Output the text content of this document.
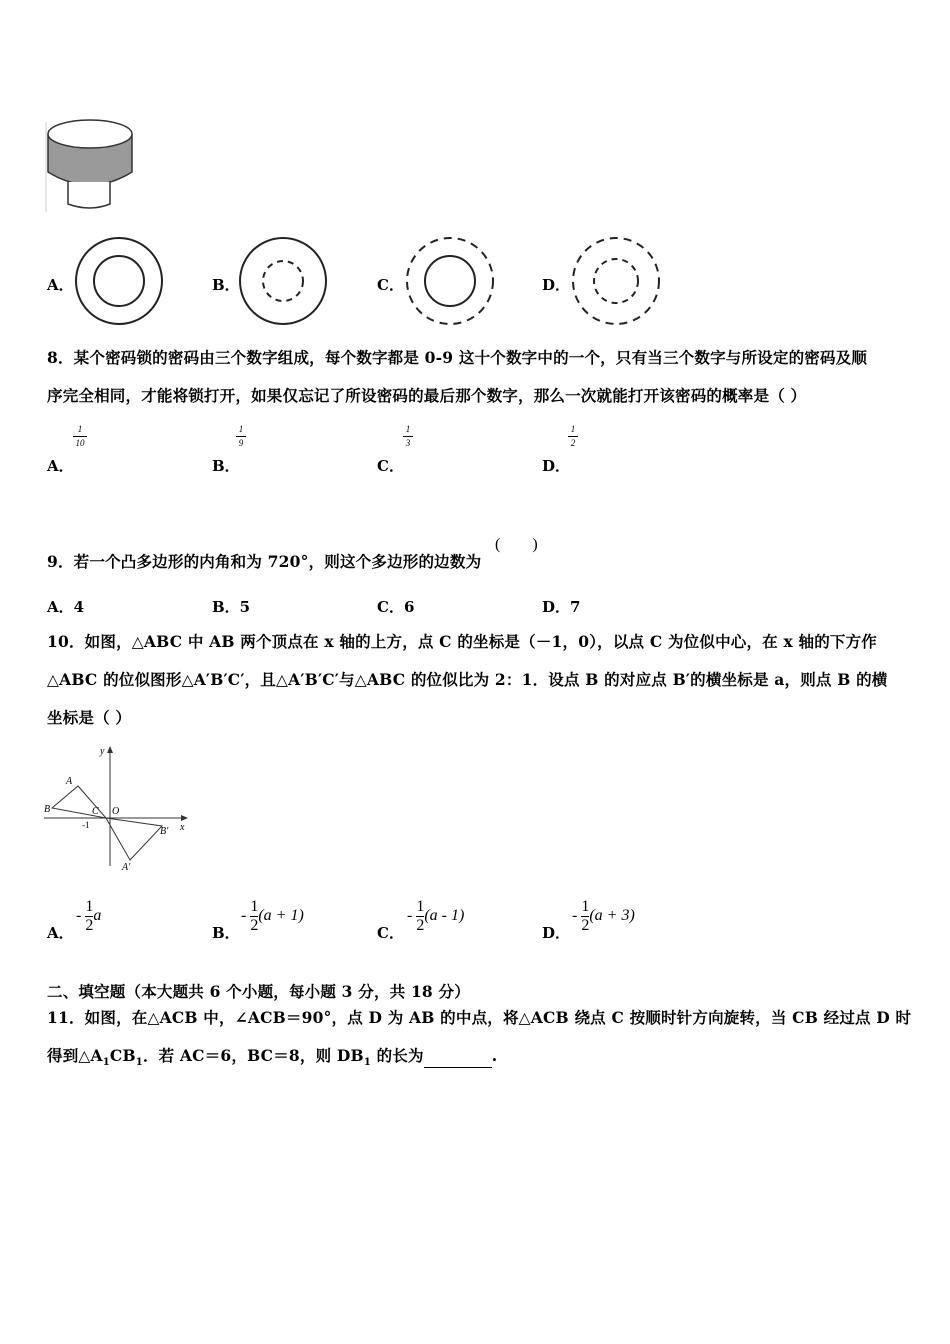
A．	B．	C．	D．
8．某个密码锁的密码由三个数字组成，每个数字都是 0-9 这十个数字中的一个，只有当三个数字与所设定的密码及顺
序完全相同，才能将锁打开，如果仅忘记了所设密码的最后那个数字，那么一次就能打开该密码的概率是（ ）
A．
1
10
B．
1
9
C．
1
3
D．
1
2
9．若一个凸多边形的内角和为 720°，则这个多边形的边数为
(        )
A．4	B．5	C．6	D．7
10．如图，△ABC 中 AB 两个顶点在 x 轴的上方，点 C 的坐标是（－1，0），以点 C 为位似中心，在 x 轴的下方作
△ABC 的位似图形△A′B′C′，且△A′B′C′与△ABC 的位似比为 2：1．设点 B 的对应点 B′的横坐标是 a，则点 B 的横
坐标是（ ）
y
x
A
B	C O
-1
B′
A′
A．
- $\frac{1}{2}$ a
B．
- $\frac{1}{2} (a + 1)$
C．
- $\frac{1}{2} (a - 1)$
D．
- $\frac{1}{2} (a + 3)$
二、填空题（本大题共 6 个小题，每小题 3 分，共 18 分）
11．如图，在△ACB 中，∠ACB＝90°，点 D 为 AB 的中点，将△ACB 绕点 C 按顺时针方向旋转，当 CB 经过点 D 时
得到$\triangle A_1CB_1$．若 AC＝6，BC＝8，则 $DB_1$ 的长为	.
